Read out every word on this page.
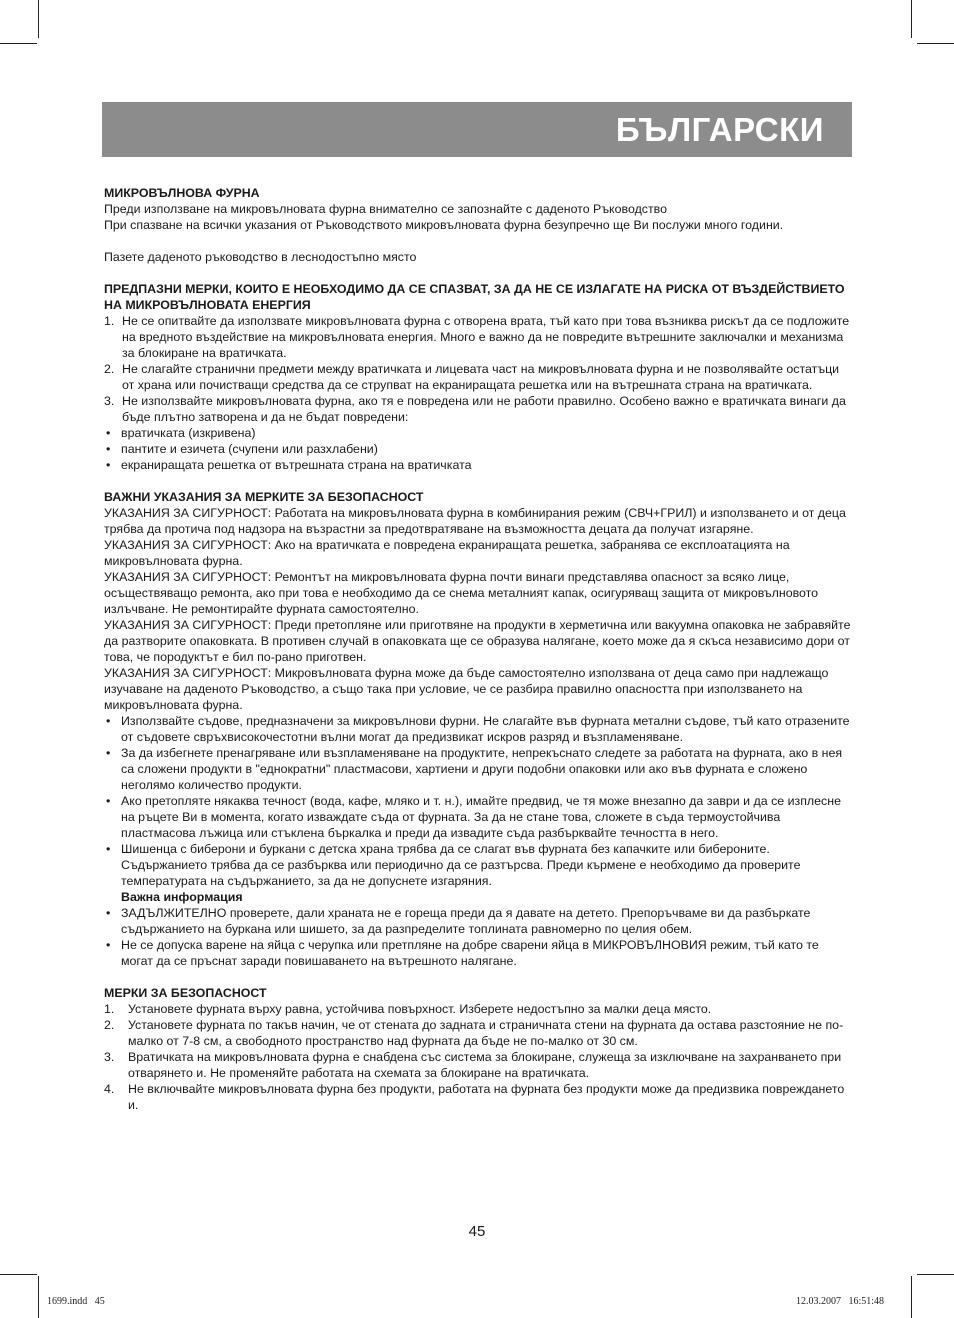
БЪЛГАРСКИ

МИКРОВЪЛНОВА ФУРНА

Преди използване на микровълновата фурна внимателно се запознайте с даденото Ръководство

При спазване на всички указания от Ръководството микровълновата фурна безупречно ще Ви послужи много години.

Пазете даденото ръководство в леснодостъпно място

ПРЕДПАЗНИ МЕРКИ, КОИТО Е НЕОБХОДИМО ДА СЕ СПАЗВАТ, ЗА ДА НЕ СЕ ИЗЛАГАТЕ НА РИСКА ОТ ВЪЗДЕЙСТВИЕТО НА МИКРОВЪЛНОВАТА ЕНЕРГИЯ

1. Не се опитвайте да използвате микровълновата фурна с отворена врата, тъй като при това възниква рискът да се подложите на вредното въздействие на микровълновата енергия. Много е важно да не повредите вътрешните заключалки и механизма за блокиране на вратичката.
2. Не слагайте странични предмети между вратичката и лицевата част на микровълновата фурна и не позволявайте остатъци от храна или почистващи средства да се струпват на екраниращата решетка или на вътрешната страна на вратичката.
3. Не използвайте микровълновата фурна, ако тя е повредена или не работи правилно. Особено важно е вратичката винаги да бъде плътно затворена и да не бъдат повредени:
• вратичката (изкривена)
• пантите и езичета (счупени или разхлабени)
• екраниращата решетка от вътрешната страна на вратичката

ВАЖНИ УКАЗАНИЯ ЗА МЕРКИТЕ ЗА БЕЗОПАСНОСТ

УКАЗАНИЯ ЗА СИГУРНОСТ: Работата на микровълновата фурна в комбинирания режим (СВЧ+ГРИЛ) и използването и от деца трябва да протича под надзора на възрастни за предотвратяване на възможността децата да получат изгаряне.

УКАЗАНИЯ ЗА СИГУРНОСТ: Ако на вратичката е повредена екраниращата решетка, забранява се експлоатацията на микровълновата фурна.

УКАЗАНИЯ ЗА СИГУРНОСТ: Ремонтът на микровълновата фурна почти винаги представлява опасност за всяко лице, осъществяващо ремонта, ако при това е необходимо да се снема металният капак, осигуряващ защита от микровълновото излъчване. Не ремонтирайте фурната самостоятелно.

УКАЗАНИЯ ЗА СИГУРНОСТ: Преди претопляне или приготвяне на продукти в херметична или вакуумна опаковка не забравяйте да разтворите опаковката. В противен случай в опаковката ще се образува налягане, което може да я скъса независимо дори от това, че породуктът е бил по-рано приготвен.

УКАЗАНИЯ ЗА СИГУРНОСТ: Микровълновата фурна може да бъде самостоятелно използвана от деца само при надлежащо изучаване на даденото Ръководство, а също така при условие, че се разбира правилно опасността при използването на микровълновата фурна.

• Използвайте съдове, предназначени за микровълнови фурни. Не слагайте във фурната метални съдове, тъй като отразените от съдовете свръхвисокочестотни вълни могат да предизвикат искров разряд и възпламеняване.
• За да избегнете пренагряване или възпламеняване на продуктите, непрекъснато следете за работата на фурната, ако в нея са сложени продукти в "еднократни" пластмасови, хартиени и други подобни опаковки или ако във фурната е сложено неголямо количество продукти.
• Ако претопляте някаква течност (вода, кафе, мляко и т. н.), имайте предвид, че тя може внезапно да заври и да се изплесне на ръцете Ви в момента, когато изваждате съда от фурната. За да не стане това, сложете в съда термоустойчива пластмасова лъжица или стъклена бъркалка и преди да извадите съда разбърквайте течността в него.
• Шишенца с биберони и буркани с детска храна трябва да се слагат във фурната без капачките или бибероните. Съдържанието трябва да се разбърква или периодично да се разтърсва. Преди кърмене е необходимо да проверите температурата на съдържанието, за да не допуснете изгаряния.

Важна информация

• ЗАДЪЛЖИТЕЛНО проверете, дали храната не е гореща преди да я давате на детето. Препоръчваме ви да разбъркате съдържанието на буркана или шишето, за да разпределите топлината равномерно по целия обем.
• Не се допуска варене на яйца с черупка или претпляне на добре сварени яйца в МИКРОВЪЛНОВИЯ режим, тъй като те могат да се пръснат заради повишаването на вътрешното налягане.

МЕРКИ ЗА БЕЗОПАСНОСТ

1. Установете фурната върху равна, устойчива повърхност. Изберете недостъпно за малки деца място.
2. Установете фурната по такъв начин, че от стената до задната и страничната стени на фурната да остава разстояние не по-малко от 7-8 см, а свободното пространство над фурната да бъде не по-малко от 30 см.
3. Вратичката на микровълновата фурна е снабдена със система за блокиране, служеща за изключване на захранването при отварянето и. Не променяйте работата на схемата за блокиране на вратичката.
4. Не включвайте микровълновата фурна без продукти, работата на фурната без продукти може да предизвика повреждането и.
45
1699.indd   45	12.03.2007   16:51:48
